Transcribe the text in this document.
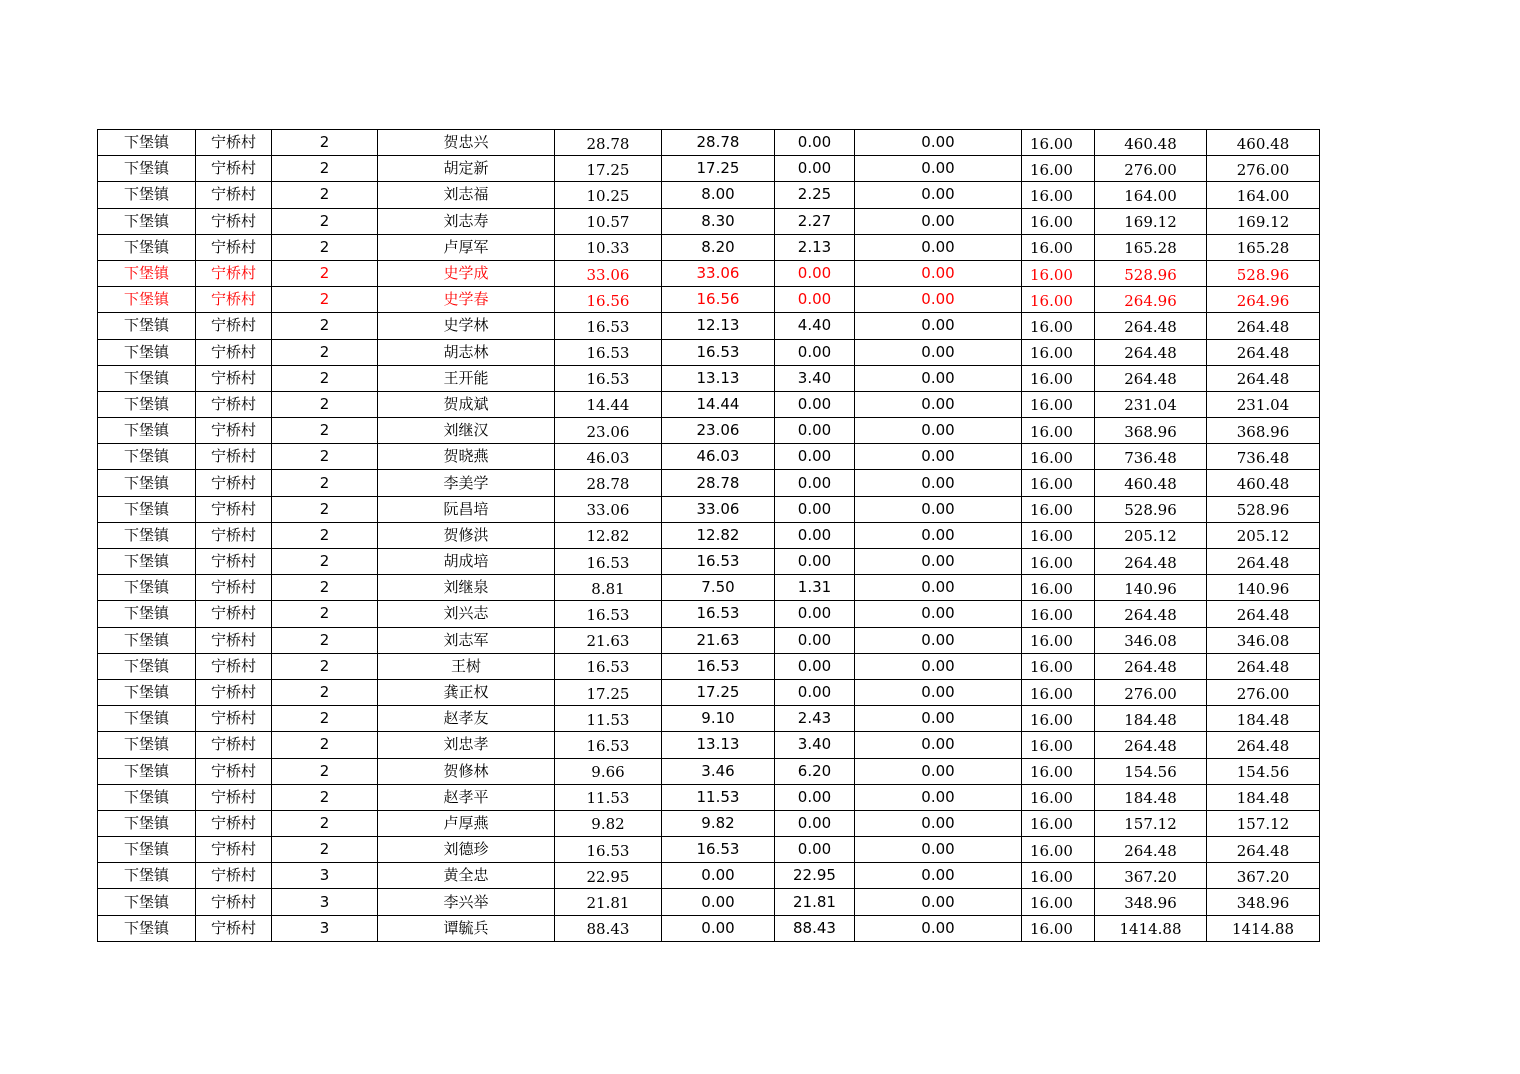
下堡镇	宁桥村	2	贺忠兴	28.78	28.78	0.00	0.00	16.00	460.48	460.48
下堡镇	宁桥村	2	胡定新	17.25	17.25	0.00	0.00	16.00	276.00	276.00
下堡镇	宁桥村	2	刘志福	10.25	8.00	2.25	0.00	16.00	164.00	164.00
下堡镇	宁桥村	2	刘志寿	10.57	8.30	2.27	0.00	16.00	169.12	169.12
下堡镇	宁桥村	2	卢厚军	10.33	8.20	2.13	0.00	16.00	165.28	165.28
下堡镇	宁桥村	2	史学成	33.06	33.06	0.00	0.00	16.00	528.96	528.96
下堡镇	宁桥村	2	史学春	16.56	16.56	0.00	0.00	16.00	264.96	264.96
下堡镇	宁桥村	2	史学林	16.53	12.13	4.40	0.00	16.00	264.48	264.48
下堡镇	宁桥村	2	胡志林	16.53	16.53	0.00	0.00	16.00	264.48	264.48
下堡镇	宁桥村	2	王开能	16.53	13.13	3.40	0.00	16.00	264.48	264.48
下堡镇	宁桥村	2	贺成斌	14.44	14.44	0.00	0.00	16.00	231.04	231.04
下堡镇	宁桥村	2	刘继汉	23.06	23.06	0.00	0.00	16.00	368.96	368.96
下堡镇	宁桥村	2	贺晓燕	46.03	46.03	0.00	0.00	16.00	736.48	736.48
下堡镇	宁桥村	2	李美学	28.78	28.78	0.00	0.00	16.00	460.48	460.48
下堡镇	宁桥村	2	阮昌培	33.06	33.06	0.00	0.00	16.00	528.96	528.96
下堡镇	宁桥村	2	贺修洪	12.82	12.82	0.00	0.00	16.00	205.12	205.12
下堡镇	宁桥村	2	胡成培	16.53	16.53	0.00	0.00	16.00	264.48	264.48
下堡镇	宁桥村	2	刘继泉	8.81	7.50	1.31	0.00	16.00	140.96	140.96
下堡镇	宁桥村	2	刘兴志	16.53	16.53	0.00	0.00	16.00	264.48	264.48
下堡镇	宁桥村	2	刘志军	21.63	21.63	0.00	0.00	16.00	346.08	346.08
下堡镇	宁桥村	2	王树	16.53	16.53	0.00	0.00	16.00	264.48	264.48
下堡镇	宁桥村	2	龚正权	17.25	17.25	0.00	0.00	16.00	276.00	276.00
下堡镇	宁桥村	2	赵孝友	11.53	9.10	2.43	0.00	16.00	184.48	184.48
下堡镇	宁桥村	2	刘忠孝	16.53	13.13	3.40	0.00	16.00	264.48	264.48
下堡镇	宁桥村	2	贺修林	9.66	3.46	6.20	0.00	16.00	154.56	154.56
下堡镇	宁桥村	2	赵孝平	11.53	11.53	0.00	0.00	16.00	184.48	184.48
下堡镇	宁桥村	2	卢厚燕	9.82	9.82	0.00	0.00	16.00	157.12	157.12
下堡镇	宁桥村	2	刘德珍	16.53	16.53	0.00	0.00	16.00	264.48	264.48
下堡镇	宁桥村	3	黄全忠	22.95	0.00	22.95	0.00	16.00	367.20	367.20
下堡镇	宁桥村	3	李兴举	21.81	0.00	21.81	0.00	16.00	348.96	348.96
下堡镇	宁桥村	3	谭毓兵	88.43	0.00	88.43	0.00	16.00	1414.88	1414.88
